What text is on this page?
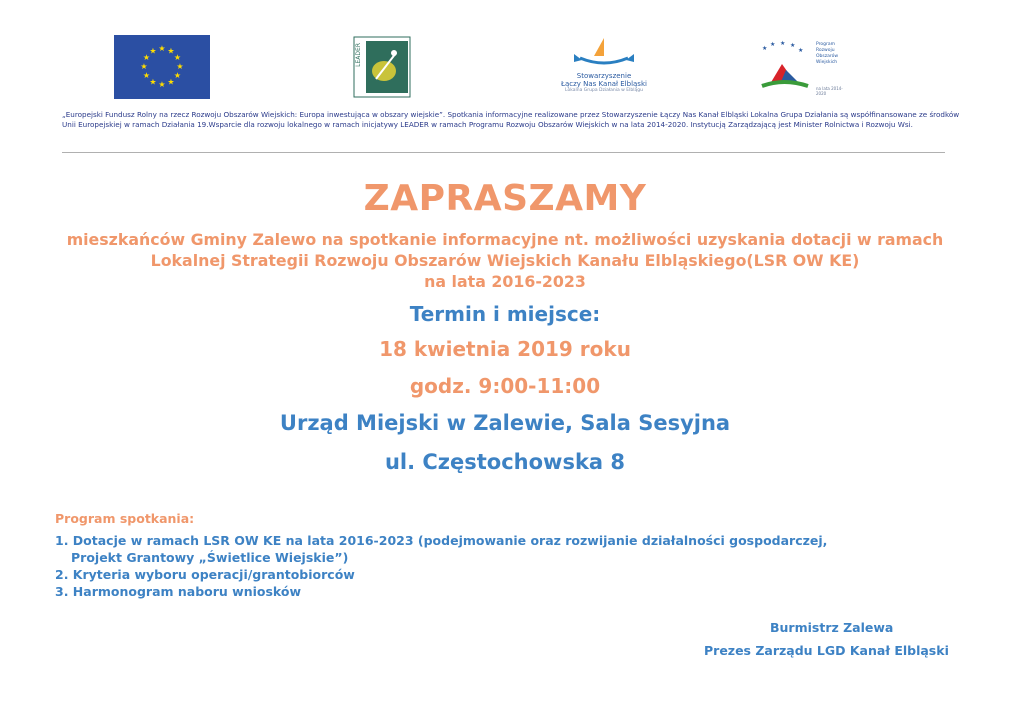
★ ★
★
★
★
★
★
★
★
★
★
★	LEADER
Stowarzyszenie
Łączy Nas Kanał Elbląski
Lokalna Grupa Działania w Elblągu
★
★ ★ ★
★
Program
Rozwoju
Obszarów
Wiejskich
na lata 2014-2020
„Europejski Fundusz Rolny na rzecz Rozwoju Obszarów Wiejskich: Europa inwestująca w obszary wiejskie”. Spotkania informacyjne realizowane przez Stowarzyszenie Łączy Nas Kanał Elbląski Lokalna Grupa Działania są współfinansowane ze środków Unii Europejskiej w ramach Działania 19.Wsparcie dla rozwoju lokalnego w ramach inicjatywy LEADER w ramach Programu Rozwoju Obszarów Wiejskich w na lata 2014-2020. Instytucją Zarządzającą jest Minister Rolnictwa i Rozwoju Wsi.
ZAPRASZAMY
mieszkańców Gminy Zalewo na spotkanie informacyjne nt. możliwości uzyskania dotacji w ramach
Lokalnej Strategii Rozwoju Obszarów Wiejskich Kanału Elbląskiego(LSR OW KE)
na lata 2016-2023
Termin i miejsce:
18 kwietnia 2019 roku
godz. 9:00-11:00
Urząd Miejski w Zalewie, Sala Sesyjna
ul. Częstochowska 8
Program spotkania:
1. Dotacje w ramach LSR OW KE na lata 2016-2023 (podejmowanie oraz rozwijanie działalności gospodarczej,
Projekt Grantowy „Świetlice Wiejskie”)
2. Kryteria wyboru operacji/grantobiorców
3. Harmonogram naboru wniosków
Burmistrz Zalewa
Prezes Zarządu LGD Kanał Elbląski
